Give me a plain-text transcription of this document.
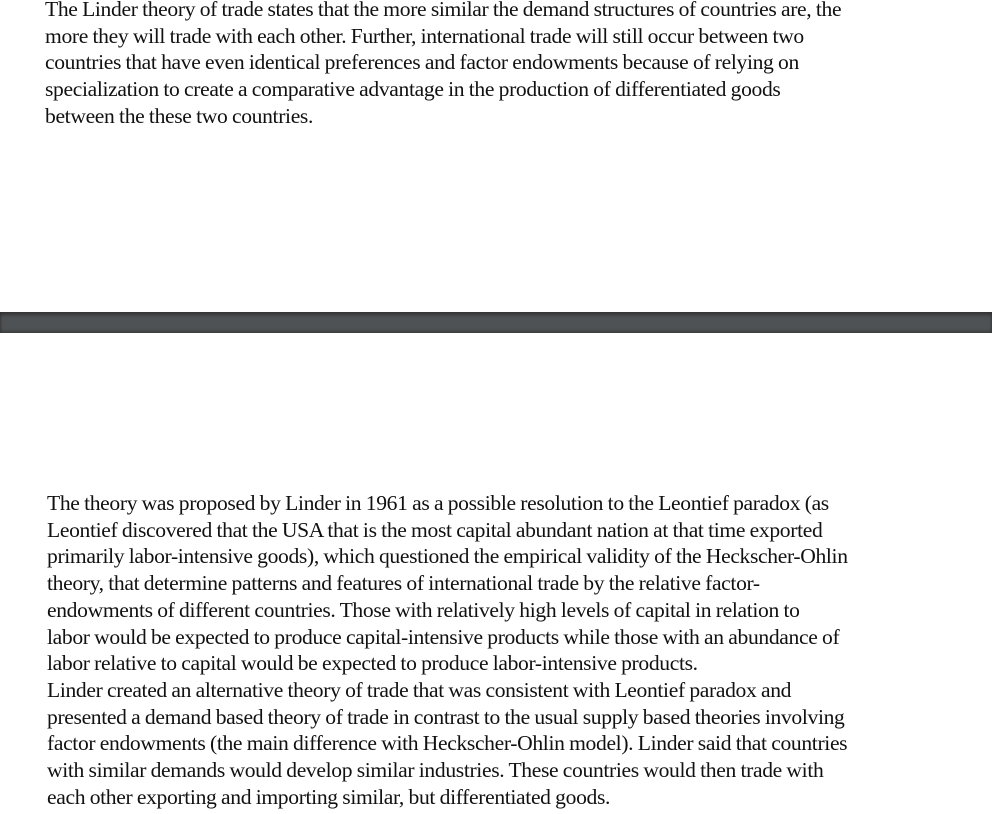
The Linder theory of trade states that the more similar the demand structures of countries are, the
more they will trade with each other. Further, international trade will still occur between two
countries that have even identical preferences and factor endowments because of relying on
specialization to create a comparative advantage in the production of differentiated goods
between the these two countries.

The theory was proposed by Linder in 1961 as a possible resolution to the Leontief paradox (as
Leontief discovered that the USA that is the most capital abundant nation at that time exported
primarily labor-intensive goods), which questioned the empirical validity of the Heckscher-Ohlin
theory, that determine patterns and features of international trade by the relative factor-
endowments of different countries. Those with relatively high levels of capital in relation to
labor would be expected to produce capital-intensive products while those with an abundance of
labor relative to capital would be expected to produce labor-intensive products.

Linder created an alternative theory of trade that was consistent with Leontief paradox and
presented a demand based theory of trade in contrast to the usual supply based theories involving
factor endowments (the main difference with Heckscher-Ohlin model). Linder said that countries
with similar demands would develop similar industries. These countries would then trade with
each other exporting and importing similar, but differentiated goods.
